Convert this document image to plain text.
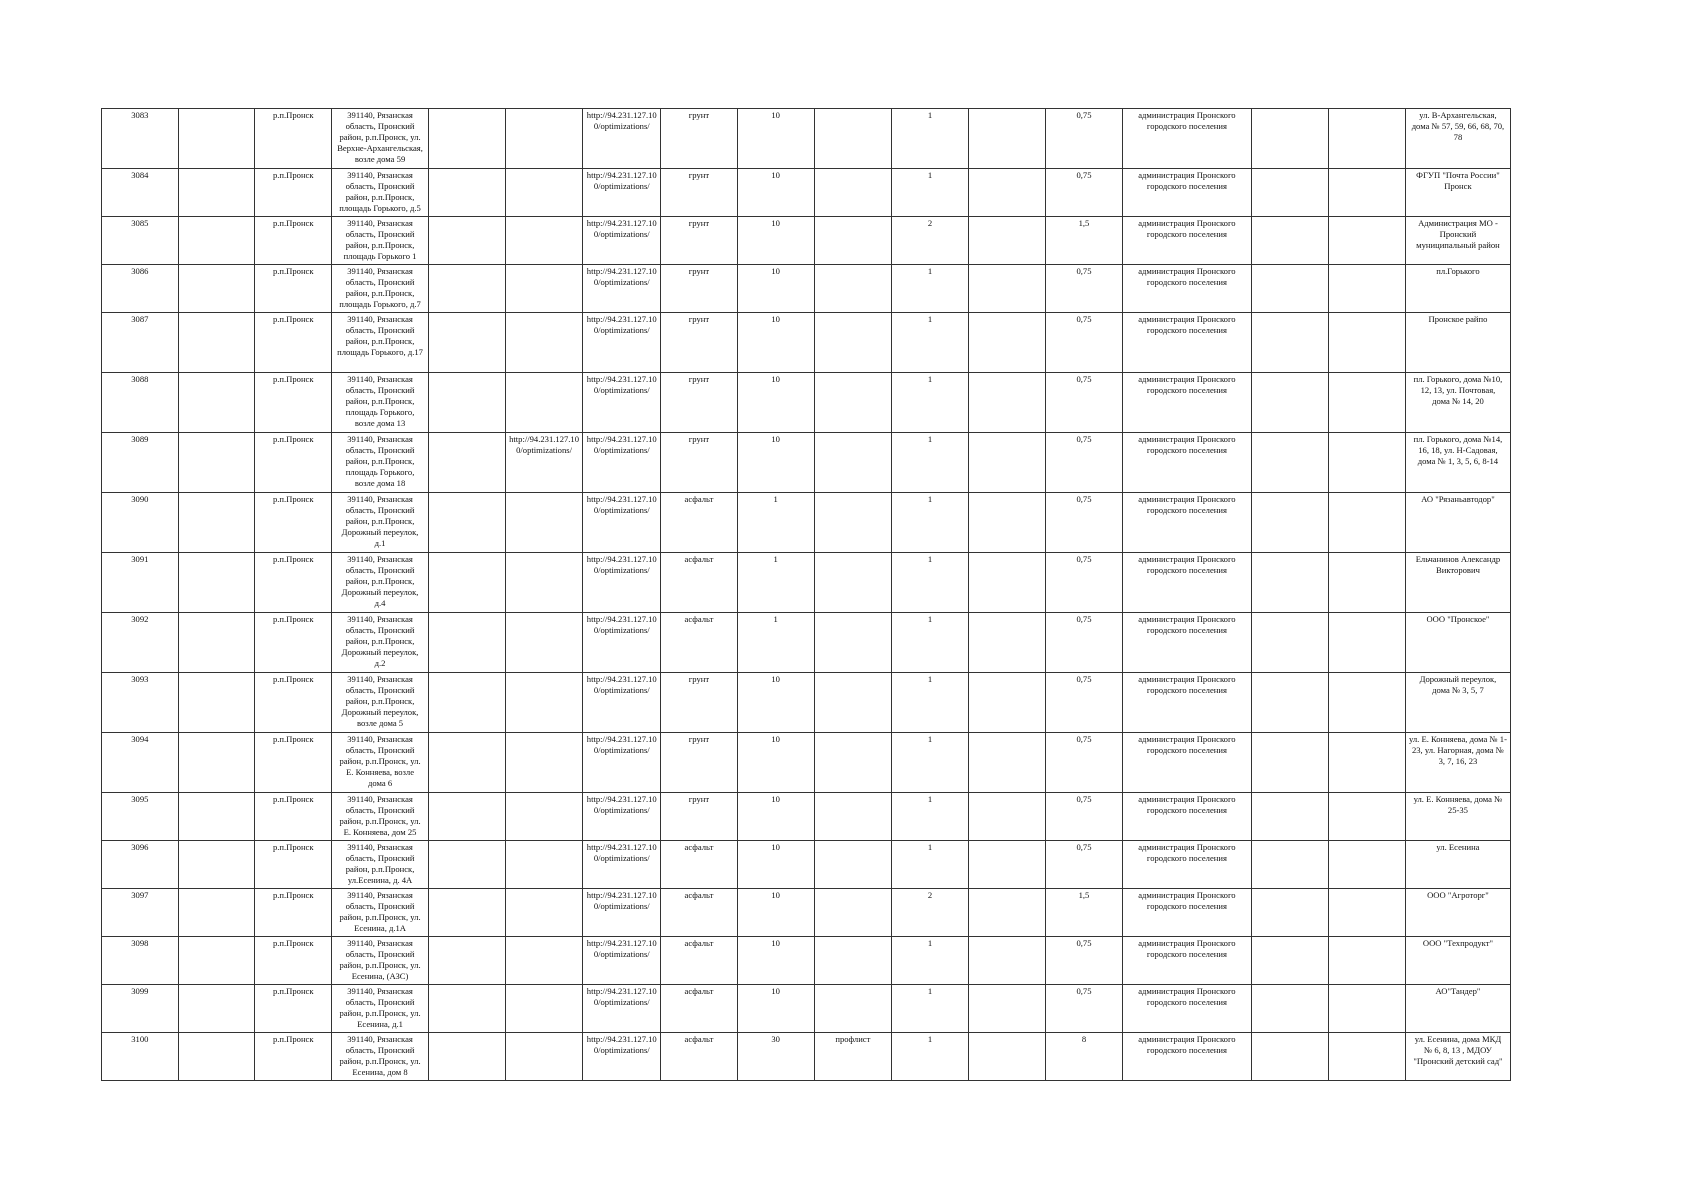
3083		р.п.Пронск	391140, Рязанская
область, Пронский
район, р.п.Пронск, ул.
Верхне-Архангельская,
возле дома 59			http://94.231.127.10
0/optimizations/	грунт	10		1		0,75	администрация Пронского
городского поселения			ул. В-Архангельская,
дома № 57, 59, 66, 68, 70,
78
3084		р.п.Пронск	391140, Рязанская
область, Пронский
район, р.п.Пронск,
площадь Горького, д.5			http://94.231.127.10
0/optimizations/	грунт	10		1		0,75	администрация Пронского
городского поселения			ФГУП "Почта России"
Пронск
3085		р.п.Пронск	391140, Рязанская
область, Пронский
район, р.п.Пронск,
площадь Горького 1			http://94.231.127.10
0/optimizations/	грунт	10		2		1,5	администрация Пронского
городского поселения			Администрация МО -
Пронский
муниципальный район
3086		р.п.Пронск	391140, Рязанская
область, Пронский
район, р.п.Пронск,
площадь Горького, д.7			http://94.231.127.10
0/optimizations/	грунт	10		1		0,75	администрация Пронского
городского поселения			пл.Горького
3087		р.п.Пронск	391140, Рязанская
область, Пронский
район, р.п.Пронск,
площадь Горького, д.17			http://94.231.127.10
0/optimizations/	грунт	10		1		0,75	администрация Пронского
городского поселения			Пронское райпо
3088		р.п.Пронск	391140, Рязанская
область, Пронский
район, р.п.Пронск,
площадь Горького,
возле дома 13			http://94.231.127.10
0/optimizations/	грунт	10		1		0,75	администрация Пронского
городского поселения			пл. Горького, дома №10,
12, 13, ул. Почтовая,
дома № 14, 20
3089		р.п.Пронск	391140, Рязанская
область, Пронский
район, р.п.Пронск,
площадь Горького,
возле дома 18		http://94.231.127.10
0/optimizations/	http://94.231.127.10
0/optimizations/	грунт	10		1		0,75	администрация Пронского
городского поселения			пл. Горького, дома №14,
16, 18, ул. Н-Садовая,
дома № 1, 3, 5, 6, 8-14
3090		р.п.Пронск	391140, Рязанская
область, Пронский
район, р.п.Пронск,
Дорожный переулок,
д.1			http://94.231.127.10
0/optimizations/	асфальт	1		1		0,75	администрация Пронского
городского поселения			АО "Рязаньавтодор"
3091		р.п.Пронск	391140, Рязанская
область, Пронский
район, р.п.Пронск,
Дорожный переулок,
д.4			http://94.231.127.10
0/optimizations/	асфальт	1		1		0,75	администрация Пронского
городского поселения			Ельчанинов Александр
Викторович
3092		р.п.Пронск	391140, Рязанская
область, Пронский
район, р.п.Пронск,
Дорожный переулок,
д.2			http://94.231.127.10
0/optimizations/	асфальт	1		1		0,75	администрация Пронского
городского поселения			ООО "Пронское"
3093		р.п.Пронск	391140, Рязанская
область, Пронский
район, р.п.Пронск,
Дорожный переулок,
возле дома 5			http://94.231.127.10
0/optimizations/	грунт	10		1		0,75	администрация Пронского
городского поселения			Дорожный переулок,
дома № 3, 5, 7
3094		р.п.Пронск	391140, Рязанская
область, Пронский
район, р.п.Пронск, ул.
Е. Конняева, возле
дома 6			http://94.231.127.10
0/optimizations/	грунт	10		1		0,75	администрация Пронского
городского поселения			ул. Е. Конняева, дома № 1-
23, ул. Нагорная, дома №
3, 7, 16, 23
3095		р.п.Пронск	391140, Рязанская
область, Пронский
район, р.п.Пронск, ул.
Е. Конняева, дом 25			http://94.231.127.10
0/optimizations/	грунт	10		1		0,75	администрация Пронского
городского поселения			ул. Е. Конняева, дома №
25-35
3096		р.п.Пронск	391140, Рязанская
область, Пронский
район, р.п.Пронск,
ул.Есенина, д. 4А			http://94.231.127.10
0/optimizations/	асфальт	10		1		0,75	администрация Пронского
городского поселения			ул. Есенина
3097		р.п.Пронск	391140, Рязанская
область, Пронский
район, р.п.Пронск, ул.
Есенина, д.1А			http://94.231.127.10
0/optimizations/	асфальт	10		2		1,5	администрация Пронского
городского поселения			ООО "Агроторг"
3098		р.п.Пронск	391140, Рязанская
область, Пронский
район, р.п.Пронск, ул.
Есенина, (АЗС)			http://94.231.127.10
0/optimizations/	асфальт	10		1		0,75	администрация Пронского
городского поселения			ООО "Техпродукт"
3099		р.п.Пронск	391140, Рязанская
область, Пронский
район, р.п.Пронск, ул.
Есенина, д.1			http://94.231.127.10
0/optimizations/	асфальт	10		1		0,75	администрация Пронского
городского поселения			АО"Тандер"
3100		р.п.Пронск	391140, Рязанская
область, Пронский
район, р.п.Пронск, ул.
Есенина, дом 8			http://94.231.127.10
0/optimizations/	асфальт	30	профлист	1		8	администрация Пронского
городского поселения			ул. Есенина, дома МКД
№ 6, 8, 13 , МДОУ
"Пронский детский сад"
